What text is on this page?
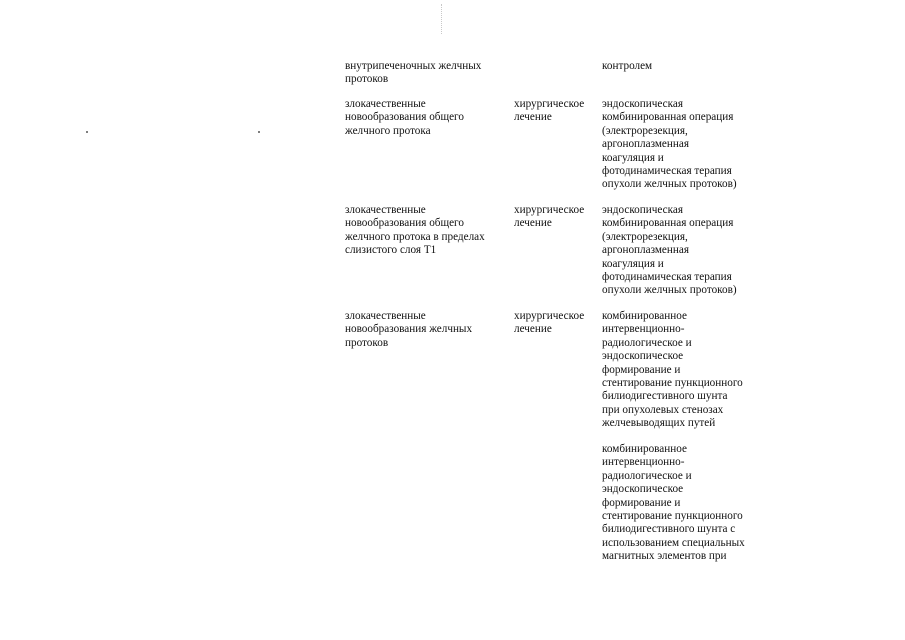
внутрипеченочных желчных
протоков
контролем
злокачественные
новообразования общего
желчного протока
хирургическое
лечение
эндоскопическая
комбинированная операция
(электрорезекция,
аргоноплазменная
коагуляция и
фотодинамическая терапия
опухоли желчных протоков)
злокачественные
новообразования общего
желчного протока в пределах
слизистого слоя Т1
хирургическое
лечение
эндоскопическая
комбинированная операция
(электрорезекция,
аргоноплазменная
коагуляция и
фотодинамическая терапия
опухоли желчных протоков)
злокачественные
новообразования желчных
протоков
хирургическое
лечение
комбинированное
интервенционно-
радиологическое и
эндоскопическое
формирование и
стентирование пункционного
билиодигестивного шунта
при опухолевых стенозах
желчевыводящих путей
комбинированное
интервенционно-
радиологическое и
эндоскопическое
формирование и
стентирование пункционного
билиодигестивного шунта с
использованием специальных
магнитных элементов при
